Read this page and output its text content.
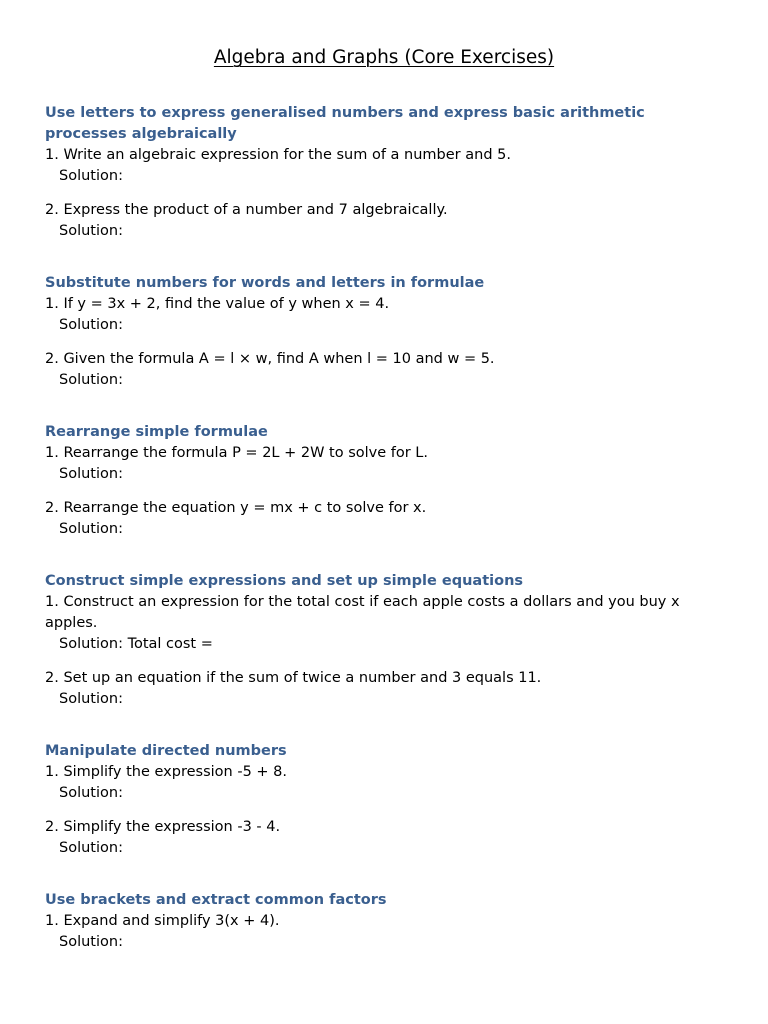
Algebra and Graphs (Core Exercises)
Use letters to express generalised numbers and express basic arithmetic processes algebraically

1. Write an algebraic expression for the sum of a number and 5.

Solution:

2. Express the product of a number and 7 algebraically.

Solution:

Substitute numbers for words and letters in formulae

1. If y = 3x + 2, find the value of y when x = 4.

Solution:

2. Given the formula A = l × w, find A when l = 10 and w = 5.

Solution:

Rearrange simple formulae

1. Rearrange the formula P = 2L + 2W to solve for L.

Solution:

2. Rearrange the equation y = mx + c to solve for x.

Solution:

Construct simple expressions and set up simple equations

1. Construct an expression for the total cost if each apple costs a dollars and you buy x apples.

Solution: Total cost =

2. Set up an equation if the sum of twice a number and 3 equals 11.

Solution:

Manipulate directed numbers

1. Simplify the expression -5 + 8.

Solution:

2. Simplify the expression -3 - 4.

Solution:

Use brackets and extract common factors

1. Expand and simplify 3(x + 4).

Solution:
